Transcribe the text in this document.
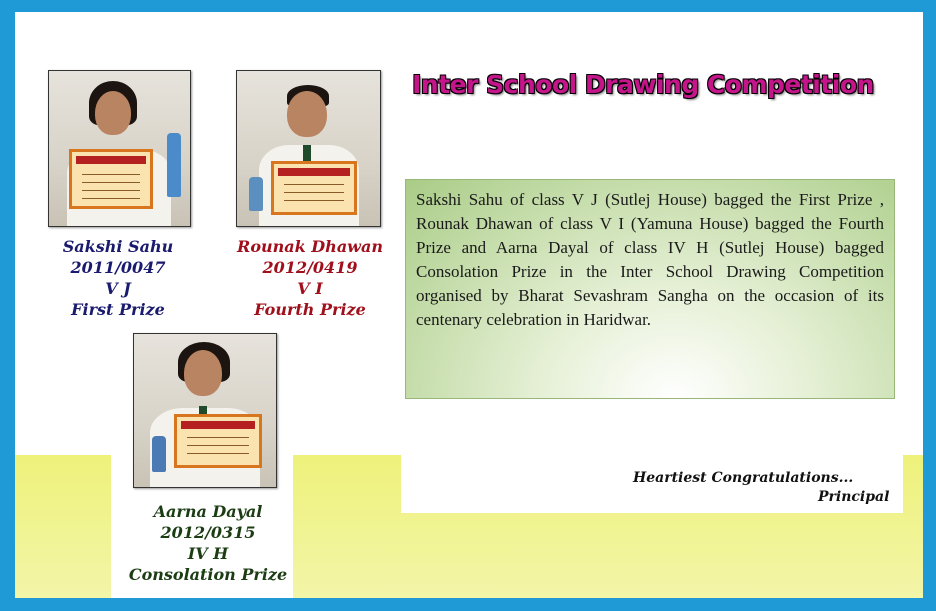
Sakshi Sahu
2011/0047
V J
First Prize
Rounak Dhawan
2012/0419
V I
Fourth Prize
Aarna Dayal
2012/0315
IV H
Consolation Prize
Inter School Drawing Competition
Sakshi Sahu of class V J (Sutlej House) bagged the First Prize , Rounak Dhawan of class V I (Yamuna House) bagged the Fourth Prize and Aarna Dayal of class IV H (Sutlej House) bagged Consolation Prize in the Inter School Drawing Competition organised by Bharat Sevashram Sangha on the occasion of its centenary celebration in Haridwar.
Heartiest Congratulations...
Principal
